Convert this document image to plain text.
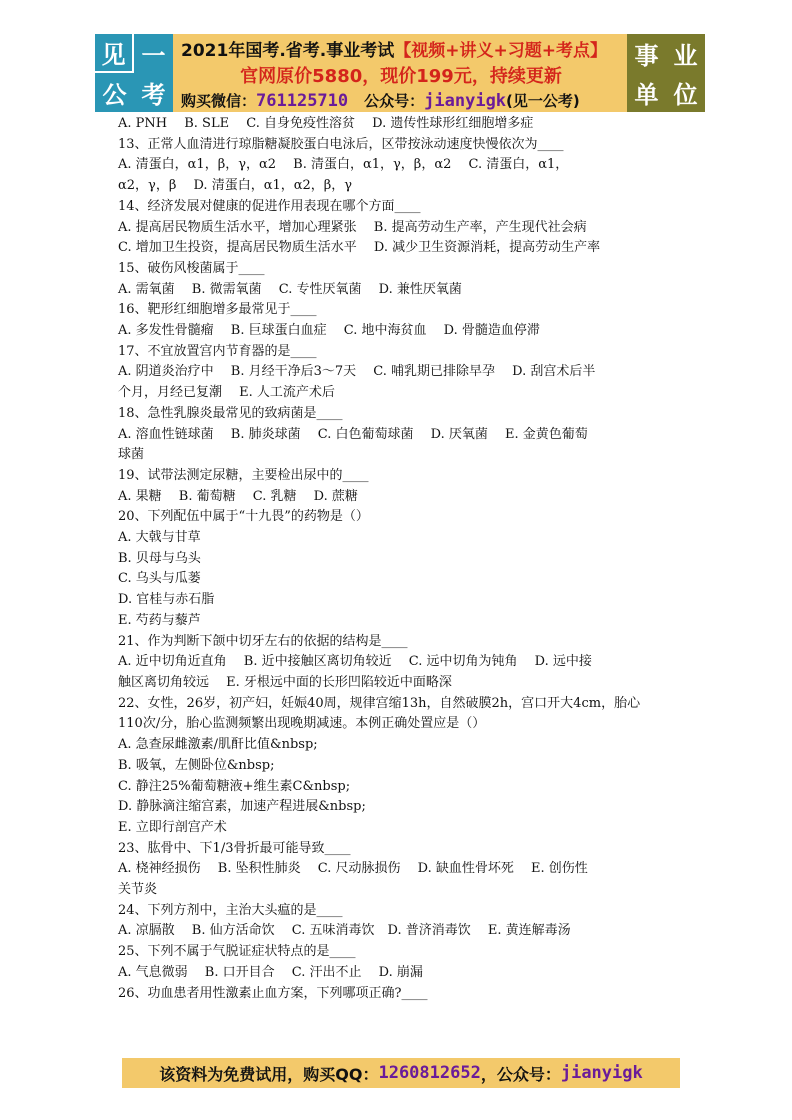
见 一
公 考
2021年国考.省考.事业考试【视频+讲义+习题+考点】
官网原价5880，现价199元，持续更新
购买微信：761125710 公众号：jianyigk(见一公考)
事 业
单 位

A. PNH　 B. SLE　 C. 自身免疫性溶贫　 D. 遗传性球形红细胞增多症

13、正常人血清进行琼脂糖凝胶蛋白电泳后，区带按泳动速度快慢依次为____

A. 清蛋白，α1，β，γ，α2　 B. 清蛋白，α1，γ，β，α2　 C. 清蛋白，α1，

α2，γ，β　 D. 清蛋白，α1，α2，β，γ

14、经济发展对健康的促进作用表现在哪个方面____

A. 提高居民物质生活水平，增加心理紧张　 B. 提高劳动生产率，产生现代社会病

C. 增加卫生投资，提高居民物质生活水平　 D. 减少卫生资源消耗，提高劳动生产率

15、破伤风梭菌属于____

A. 需氧菌　 B. 微需氧菌　 C. 专性厌氧菌　 D. 兼性厌氧菌

16、靶形红细胞增多最常见于____

A. 多发性骨髓瘤　 B. 巨球蛋白血症　 C. 地中海贫血　 D. 骨髓造血停滞

17、不宜放置宫内节育器的是____

A. 阴道炎治疗中　 B. 月经干净后3～7天　 C. 哺乳期已排除早孕　 D. 刮宫术后半

个月，月经已复潮　 E. 人工流产术后

18、急性乳腺炎最常见的致病菌是____

A. 溶血性链球菌　 B. 肺炎球菌　 C. 白色葡萄球菌　 D. 厌氧菌　 E. 金黄色葡萄

球菌

19、试带法测定尿糖，主要检出尿中的____

A. 果糖　 B. 葡萄糖　 C. 乳糖　 D. 蔗糖

20、下列配伍中属于“十九畏”的药物是（）

A. 大戟与甘草

B. 贝母与乌头

C. 乌头与瓜蒌

D. 官桂与赤石脂

E. 芍药与藜芦

21、作为判断下颌中切牙左右的依据的结构是____

A. 近中切角近直角　 B. 近中接触区离切角较近　 C. 远中切角为钝角　 D. 远中接

触区离切角较远　 E. 牙根远中面的长形凹陷较近中面略深

22、女性，26岁，初产妇，妊娠40周，规律宫缩13h，自然破膜2h，宫口开大4cm，胎心

110次/分，胎心监测频繁出现晚期减速。本例正确处置应是（）

A. 急查尿雌激素/肌酐比值&nbsp;

B. 吸氧，左侧卧位&nbsp;

C. 静注25%葡萄糖液+维生素C&nbsp;

D. 静脉滴注缩宫素，加速产程进展&nbsp;

E. 立即行剖宫产术

23、肱骨中、下1/3骨折最可能导致____

A. 桡神经损伤　 B. 坠积性肺炎　 C. 尺动脉损伤　 D. 缺血性骨坏死　 E. 创伤性

关节炎

24、下列方剂中，主治大头瘟的是____

A. 凉膈散　 B. 仙方活命饮　 C. 五味消毒饮　D. 普济消毒饮　 E. 黄连解毒汤

25、下列不属于气脱证症状特点的是____

A. 气息微弱　 B. 口开目合　 C. 汗出不止　 D. 崩漏

26、功血患者用性激素止血方案，下列哪项正确?____

该资料为免费试用，购买QQ： 1260812652 ，公众号： jianyigk
